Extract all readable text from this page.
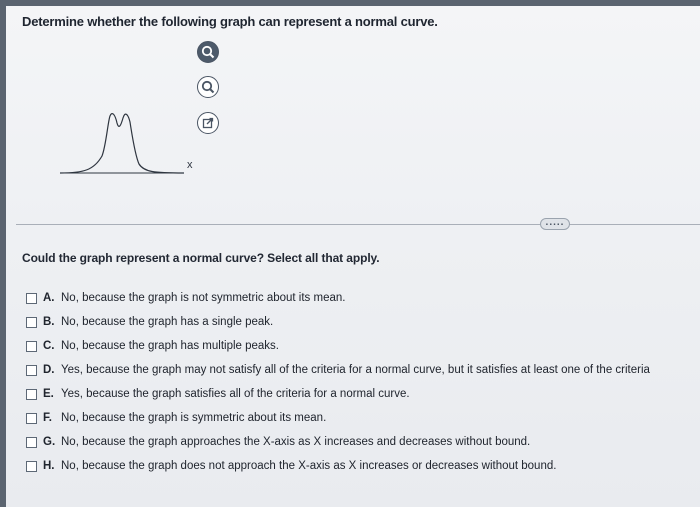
Determine whether the following graph can represent a normal curve.
x
.....
Could the graph represent a normal curve? Select all that apply.
A. No, because the graph is not symmetric about its mean.
B. No, because the graph has a single peak.
C. No, because the graph has multiple peaks.
D. Yes, because the graph may not satisfy all of the criteria for a normal curve, but it satisfies at least one of the criteria
E. Yes, because the graph satisfies all of the criteria for a normal curve.
F. No, because the graph is symmetric about its mean.
G. No, because the graph approaches the X-axis as X increases and decreases without bound.
H. No, because the graph does not approach the X-axis as X increases or decreases without bound.
